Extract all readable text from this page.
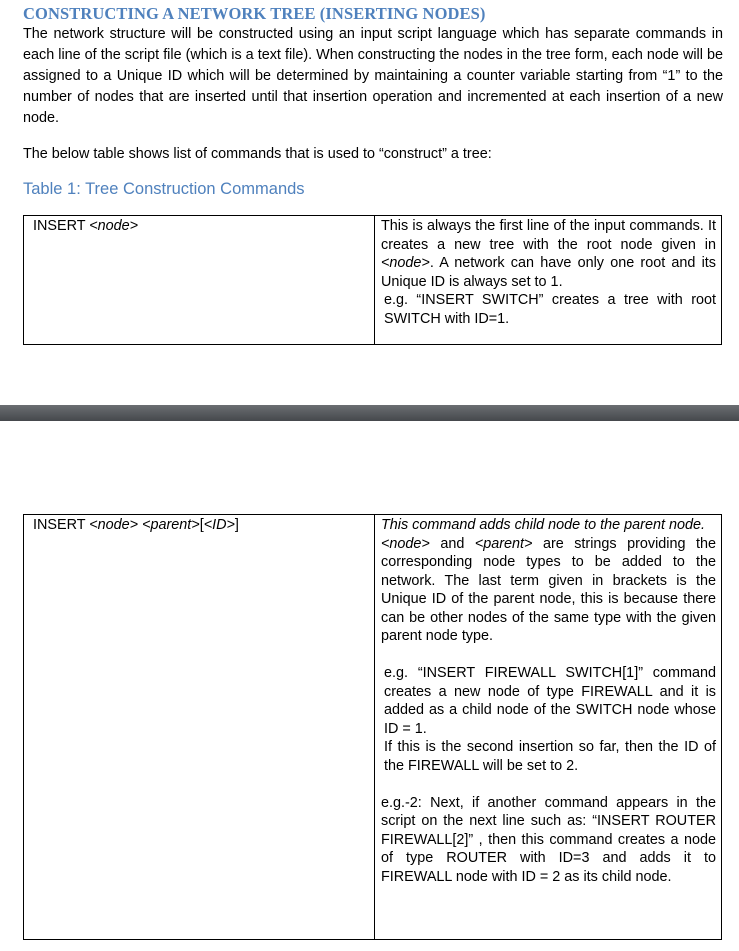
CONSTRUCTING A NETWORK TREE (INSERTING NODES)
The network structure will be constructed using an input script language which has separate commands in each line of the script file (which is a text file). When constructing the nodes in the tree form, each node will be assigned to a Unique ID which will be determined by maintaining a counter variable starting from “1” to the number of nodes that are inserted until that insertion operation and incremented at each insertion of a new node.
The below table shows list of commands that is used to “construct” a tree:
Table 1: Tree Construction Commands
INSERT <node>	This is always the first line of the input commands. It creates a new tree with the root node given in <node>. A network can have only one root and its Unique ID is always set to 1.

e.g. “INSERT SWITCH” creates a tree with root SWITCH with ID=1.

INSERT <node> <parent>[<ID>]	This command adds child node to the parent node.

<node> and <parent> are strings providing the corresponding node types to be added to the network. The last term given in brackets is the Unique ID of the parent node, this is because there can be other nodes of the same type with the given parent node type.

e.g. “INSERT FIREWALL SWITCH[1]” command creates a new node of type FIREWALL and it is added as a child node of the SWITCH node whose ID = 1.

If this is the second insertion so far, then the ID of the FIREWALL will be set to 2.

e.g.-2: Next, if another command appears in the script on the next line such as: “INSERT ROUTER FIREWALL[2]” , then this command creates a node of type ROUTER with ID=3 and adds it to FIREWALL node with ID = 2 as its child node.
